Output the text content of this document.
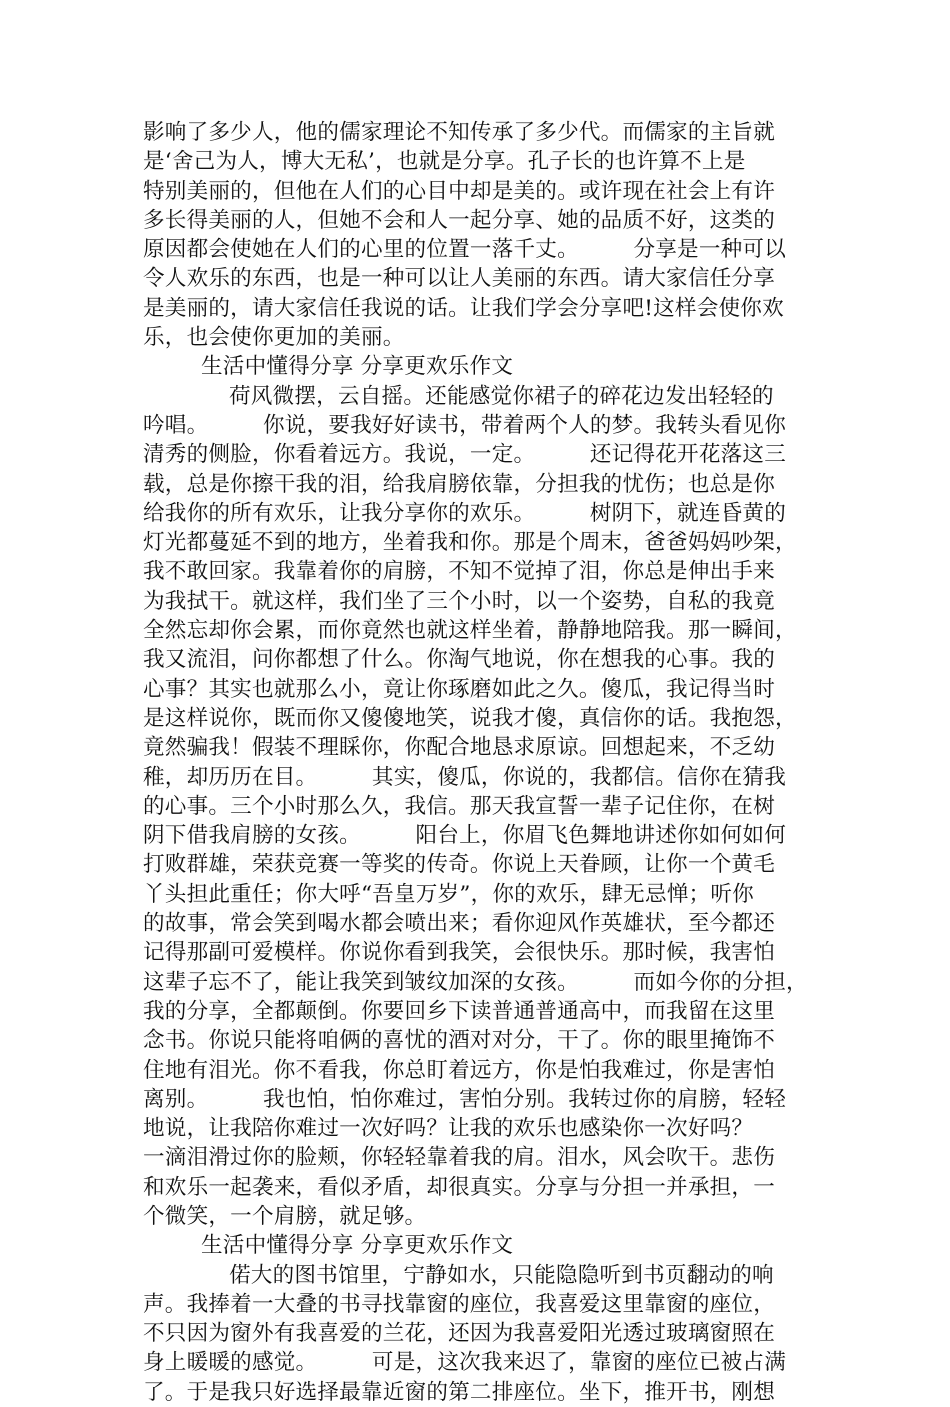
影响了多少人，他的儒家理论不知传承了多少代。而儒家的主旨就
是‘舍己为人，博大无私’，也就是分享。孔子长的也许算不上是
特别美丽的，但他在人们的心目中却是美的。或许现在社会上有许
多长得美丽的人，但她不会和人一起分享、她的品质不好，这类的
原因都会使她在人们的心里的位置一落千丈。　　　分享是一种可以
令人欢乐的东西，也是一种可以让人美丽的东西。请大家信任分享
是美丽的，请大家信任我说的话。让我们学会分享吧!这样会使你欢
乐，也会使你更加的美丽。
生活中懂得分享 分享更欢乐作文
荷风微摆，云自摇。还能感觉你裙子的碎花边发出轻轻的
吟唱。　　　你说，要我好好读书，带着两个人的梦。我转头看见你
清秀的侧脸，你看着远方。我说，一定。　　　还记得花开花落这三
载，总是你擦干我的泪，给我肩膀依靠，分担我的忧伤；也总是你
给我你的所有欢乐，让我分享你的欢乐。　　　树阴下，就连昏黄的
灯光都蔓延不到的地方，坐着我和你。那是个周末，爸爸妈妈吵架，
我不敢回家。我靠着你的肩膀，不知不觉掉了泪，你总是伸出手来
为我拭干。就这样，我们坐了三个小时，以一个姿势，自私的我竟
全然忘却你会累，而你竟然也就这样坐着，静静地陪我。那一瞬间，
我又流泪，问你都想了什么。你淘气地说，你在想我的心事。我的
心事？其实也就那么小，竟让你琢磨如此之久。傻瓜，我记得当时
是这样说你，既而你又傻傻地笑，说我才傻，真信你的话。我抱怨，
竟然骗我！假装不理睬你，你配合地恳求原谅。回想起来，不乏幼
稚，却历历在目。　　　其实，傻瓜，你说的，我都信。信你在猜我
的心事。三个小时那么久，我信。那天我宣誓一辈子记住你，在树
阴下借我肩膀的女孩。　　　阳台上，你眉飞色舞地讲述你如何如何
打败群雄，荣获竞赛一等奖的传奇。你说上天眷顾，让你一个黄毛
丫头担此重任；你大呼“吾皇万岁”，你的欢乐，肆无忌惮；听你
的故事，常会笑到喝水都会喷出来；看你迎风作英雄状，至今都还
记得那副可爱模样。你说你看到我笑，会很快乐。那时候，我害怕
这辈子忘不了，能让我笑到皱纹加深的女孩。　　　而如今你的分担，
我的分享，全都颠倒。你要回乡下读普通普通高中，而我留在这里
念书。你说只能将咱俩的喜忧的酒对对分，干了。你的眼里掩饰不
住地有泪光。你不看我，你总盯着远方，你是怕我难过，你是害怕
离别。　　　我也怕，怕你难过，害怕分别。我转过你的肩膀，轻轻
地说，让我陪你难过一次好吗？让我的欢乐也感染你一次好吗？
一滴泪滑过你的脸颊，你轻轻靠着我的肩。泪水，风会吹干。悲伤
和欢乐一起袭来，看似矛盾，却很真实。分享与分担一并承担，一
个微笑，一个肩膀，就足够。
生活中懂得分享 分享更欢乐作文
偌大的图书馆里，宁静如水，只能隐隐听到书页翻动的响
声。我捧着一大叠的书寻找靠窗的座位，我喜爱这里靠窗的座位，
不只因为窗外有我喜爱的兰花，还因为我喜爱阳光透过玻璃窗照在
身上暖暖的感觉。　　　可是，这次我来迟了，靠窗的座位已被占满
了。于是我只好选择最靠近窗的第二排座位。坐下，推开书，刚想
